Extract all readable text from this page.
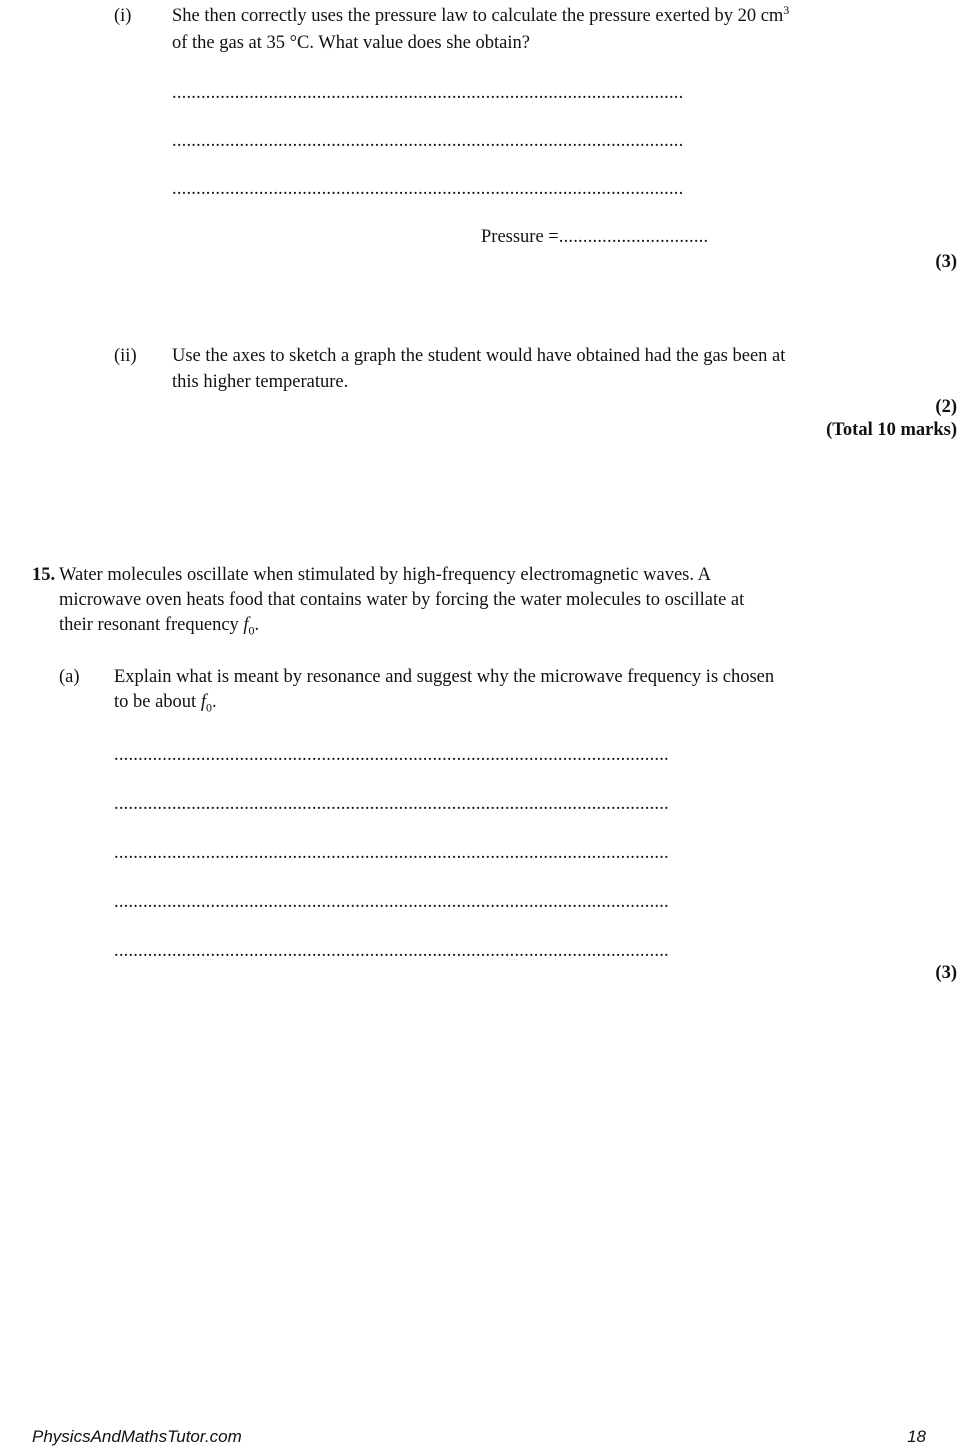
(i) She then correctly uses the pressure law to calculate the pressure exerted by 20 $cm^3$
of the gas at 35 °C. What value does she obtain?
..........................................................................................................
..........................................................................................................
..........................................................................................................
Pressure =...............................
(3)
(ii) Use the axes to sketch a graph the student would have obtained had the gas been at
this higher temperature.
(2)
(Total 10 marks)
15. Water molecules oscillate when stimulated by high-frequency electromagnetic waves. A
microwave oven heats food that contains water by forcing the water molecules to oscillate at
their resonant frequency $f_0$.
(a) Explain what is meant by resonance and suggest why the microwave frequency is chosen
to be about $f_0$.
...................................................................................................................
...................................................................................................................
...................................................................................................................
...................................................................................................................
...................................................................................................................
(3)
PhysicsAndMathsTutor.com	18
